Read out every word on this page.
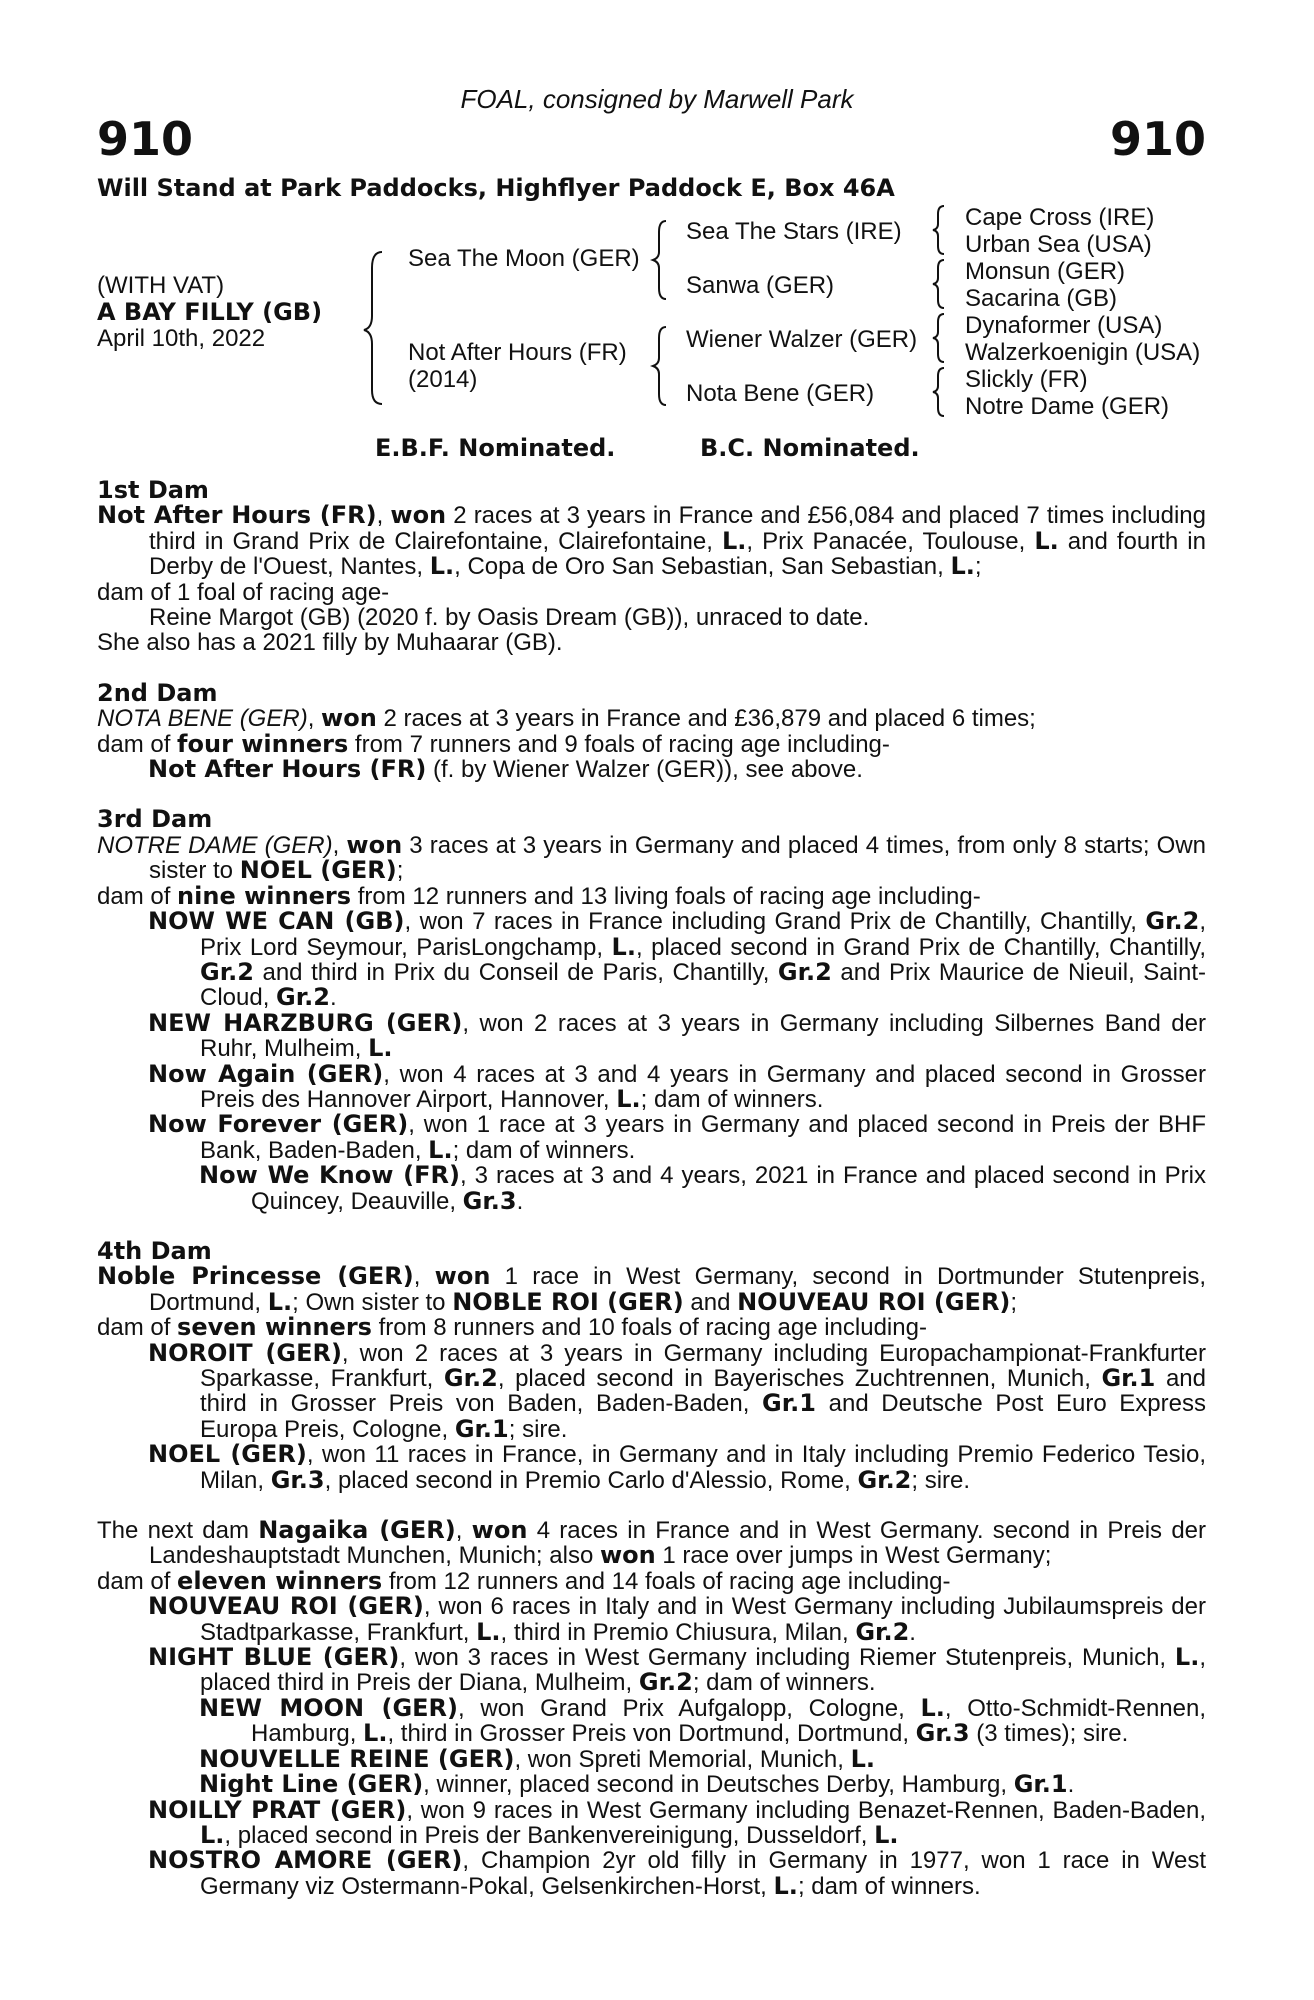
FOAL, consigned by Marwell Park
910	910
Will Stand at Park Paddocks, Highflyer Paddock E, Box 46A
(WITH VAT)
A BAY FILLY (GB)
April 10th, 2022
Sea The Moon (GER)
Not After Hours (FR)
(2014)
Sea The Stars (IRE)
Sanwa (GER)
Wiener Walzer (GER)
Nota Bene (GER)
Cape Cross (IRE)
Urban Sea (USA)
Monsun (GER)
Sacarina (GB)
Dynaformer (USA)
Walzerkoenigin (USA)
Slickly (FR)
Notre Dame (GER)
E.B.F. Nominated.	B.C. Nominated.
1st Dam
Not After Hours (FR), won 2 races at 3 years in France and £56,084 and placed 7 times including third in Grand Prix de Clairefontaine, Clairefontaine, L., Prix Panacée, Toulouse, L. and fourth in Derby de l'Ouest, Nantes, L., Copa de Oro San Sebastian, San Sebastian, L.;
dam of 1 foal of racing age-
Reine Margot (GB) (2020 f. by Oasis Dream (GB)), unraced to date.
She also has a 2021 filly by Muhaarar (GB).
2nd Dam
NOTA BENE (GER), won 2 races at 3 years in France and £36,879 and placed 6 times;
dam of four winners from 7 runners and 9 foals of racing age including-
Not After Hours (FR) (f. by Wiener Walzer (GER)), see above.
3rd Dam
NOTRE DAME (GER), won 3 races at 3 years in Germany and placed 4 times, from only 8 starts; Own sister to NOEL (GER);
dam of nine winners from 12 runners and 13 living foals of racing age including-
NOW WE CAN (GB), won 7 races in France including Grand Prix de Chantilly, Chantilly, Gr.2, Prix Lord Seymour, ParisLongchamp, L., placed second in Grand Prix de Chantilly, Chantilly, Gr.2 and third in Prix du Conseil de Paris, Chantilly, Gr.2 and Prix Maurice de Nieuil, Saint-Cloud, Gr.2.
NEW HARZBURG (GER), won 2 races at 3 years in Germany including Silbernes Band der Ruhr, Mulheim, L.
Now Again (GER), won 4 races at 3 and 4 years in Germany and placed second in Grosser Preis des Hannover Airport, Hannover, L.; dam of winners.
Now Forever (GER), won 1 race at 3 years in Germany and placed second in Preis der BHF Bank, Baden-Baden, L.; dam of winners.
Now We Know (FR), 3 races at 3 and 4 years, 2021 in France and placed second in Prix Quincey, Deauville, Gr.3.
4th Dam
Noble Princesse (GER), won 1 race in West Germany, second in Dortmunder Stutenpreis, Dortmund, L.; Own sister to NOBLE ROI (GER) and NOUVEAU ROI (GER);
dam of seven winners from 8 runners and 10 foals of racing age including-
NOROIT (GER), won 2 races at 3 years in Germany including Europachampionat-Frankfurter Sparkasse, Frankfurt, Gr.2, placed second in Bayerisches Zuchtrennen, Munich, Gr.1 and third in Grosser Preis von Baden, Baden-Baden, Gr.1 and Deutsche Post Euro Express Europa Preis, Cologne, Gr.1; sire.
NOEL (GER), won 11 races in France, in Germany and in Italy including Premio Federico Tesio, Milan, Gr.3, placed second in Premio Carlo d'Alessio, Rome, Gr.2; sire.
The next dam Nagaika (GER), won 4 races in France and in West Germany. second in Preis der Landeshauptstadt Munchen, Munich; also won 1 race over jumps in West Germany;
dam of eleven winners from 12 runners and 14 foals of racing age including-
NOUVEAU ROI (GER), won 6 races in Italy and in West Germany including Jubilaumspreis der Stadtparkasse, Frankfurt, L., third in Premio Chiusura, Milan, Gr.2.
NIGHT BLUE (GER), won 3 races in West Germany including Riemer Stutenpreis, Munich, L., placed third in Preis der Diana, Mulheim, Gr.2; dam of winners.
NEW MOON (GER), won Grand Prix Aufgalopp, Cologne, L., Otto-Schmidt-Rennen, Hamburg, L., third in Grosser Preis von Dortmund, Dortmund, Gr.3 (3 times); sire.
NOUVELLE REINE (GER), won Spreti Memorial, Munich, L.
Night Line (GER), winner, placed second in Deutsches Derby, Hamburg, Gr.1.
NOILLY PRAT (GER), won 9 races in West Germany including Benazet-Rennen, Baden-Baden, L., placed second in Preis der Bankenvereinigung, Dusseldorf, L.
NOSTRO AMORE (GER), Champion 2yr old filly in Germany in 1977, won 1 race in West Germany viz Ostermann-Pokal, Gelsenkirchen-Horst, L.; dam of winners.
